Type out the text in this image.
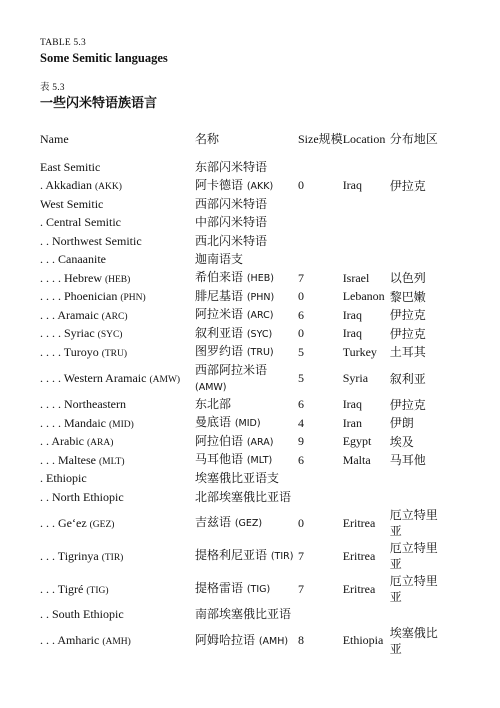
TABLE 5.3
Some Semitic languages
表 5.3
一些闪米特语族语言
Name	名称	Size规模	Location	分布地区
East Semitic	东部闪米特语			
. Akkadian (AKK)	阿卡德语 (AKK)	0	Iraq	伊拉克
West Semitic	西部闪米特语			
. Central Semitic	中部闪米特语			
. . Northwest Semitic	西北闪米特语			
. . . Canaanite	迦南语支			
. . . . Hebrew (HEB)	希伯来语 (HEB)	7	Israel	以色列
. . . . Phoenician (PHN)	腓尼基语 (PHN)	0	Lebanon	黎巴嫩
. . . Aramaic (ARC)	阿拉米语 (ARC)	6	Iraq	伊拉克
. . . . Syriac (SYC)	叙利亚语 (SYC)	0	Iraq	伊拉克
. . . . Turoyo (TRU)	图罗约语 (TRU)	5	Turkey	土耳其
. . . . Western Aramaic (AMW)	西部阿拉米语 (AMW)	5	Syria	叙利亚
. . . . Northeastern	东北部	6	Iraq	伊拉克
. . . . Mandaic (MID)	曼底语 (MID)	4	Iran	伊朗
. . Arabic (ARA)	阿拉伯语 (ARA)	9	Egypt	埃及
. . . Maltese (MLT)	马耳他语 (MLT)	6	Malta	马耳他
. Ethiopic	埃塞俄比亚语支			
. . North Ethiopic	北部埃塞俄比亚语			
. . . Ge‘ez (GEZ)	吉兹语 (GEZ)	0	Eritrea	厄立特里亚
. . . Tigrinya (TIR)	提格利尼亚语 (TIR)	7	Eritrea	厄立特里亚
. . . Tigré (TIG)	提格雷语 (TIG)	7	Eritrea	厄立特里亚
. . South Ethiopic	南部埃塞俄比亚语			
. . . Amharic (AMH)	阿姆哈拉语 (AMH)	8	Ethiopia	埃塞俄比亚
